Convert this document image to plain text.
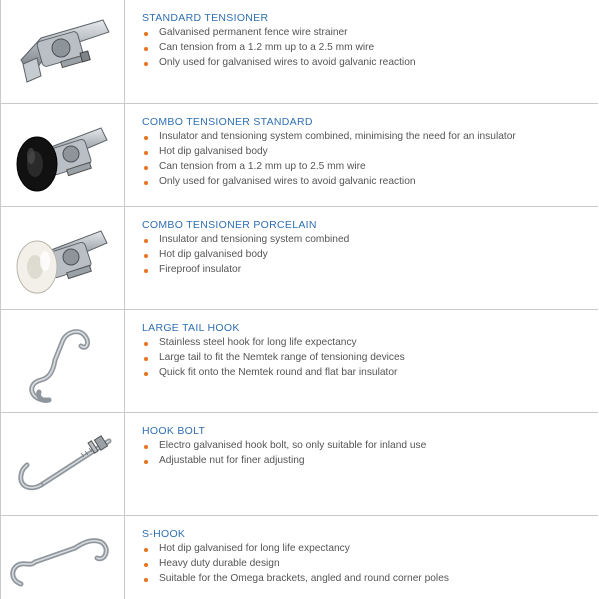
STANDARD TENSIONER
Galvanised permanent fence wire strainer
Can tension from a 1.2 mm up to a 2.5 mm wire
Only used for galvanised wires to avoid galvanic reaction
COMBO TENSIONER STANDARD
Insulator and tensioning system combined, minimising the need for an insulator
Hot dip galvanised body
Can tension from a 1.2 mm up to 2.5 mm wire
Only used for galvanised wires to avoid galvanic reaction
COMBO TENSIONER PORCELAIN
Insulator and tensioning system combined
Hot dip galvanised body
Fireproof insulator
LARGE TAIL HOOK
Stainless steel hook for long life expectancy
Large tail to fit the Nemtek range of tensioning devices
Quick fit onto the Nemtek round and flat bar insulator
HOOK BOLT
Electro galvanised hook bolt, so only suitable for inland use
Adjustable nut for finer adjusting
S-HOOK
Hot dip galvanised for long life expectancy
Heavy duty durable design
Suitable for the Omega brackets, angled and round corner poles
